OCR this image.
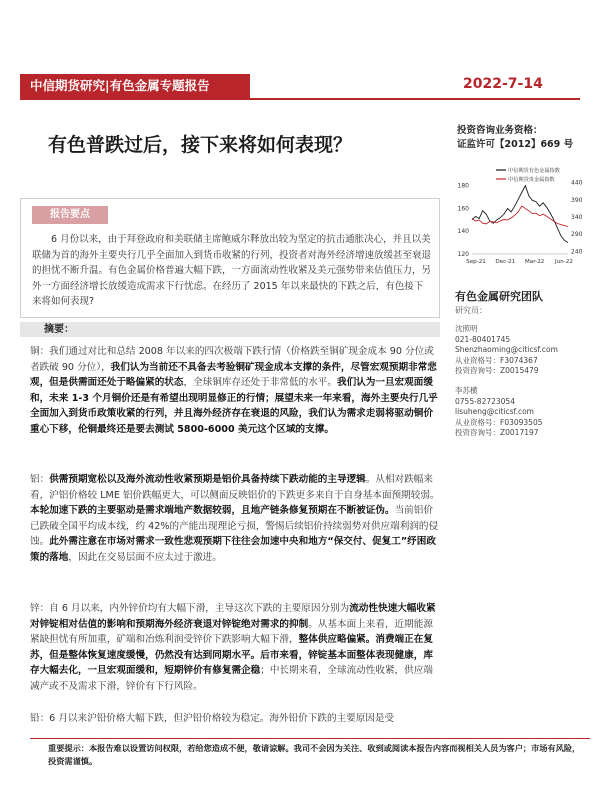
中信期货研究|有色金属专题报告	2022-7-14
有色普跌过后，接下来将如何表现？
投资咨询业务资格：
证监许可【2012】669 号
报告要点
6 月份以来，由于拜登政府和美联储主席鲍威尔释放出较为坚定的抗击通胀决心，并且以美联储为首的海外主要央行几乎全面加入到货币收紧的行列，投资者对海外经济增速放缓甚至衰退的担忧不断升温。有色金属价格普遍大幅下跌，一方面流动性收紧及美元强势带来估值压力，另外一方面经济增长放缓造成需求下行忧虑。在经历了 2015 年以来最快的下跌之后，有色接下来将如何表现?
摘要：
铜：我们通过对比和总结 2008 年以来的四次极端下跌行情（价格跌至铜矿现金成本 90 分位或者跌破 90 分位），我们认为当前还不具备去考验铜矿现金成本支撑的条件，尽管宏观预期非常悲观，但是供需面还处于略偏紧的状态，全球铜库存还处于非常低的水平。我们认为一旦宏观面缓和，未来 1-3 个月铜价还是有希望出现明显修正的行情；展望未来一年来看，海外主要央行几乎全面加入到货币政策收紧的行列，并且海外经济存在衰退的风险，我们认为需求走弱将驱动铜价重心下移，伦铜最终还是要去测试 5800-6000 美元这个区域的支撑。
铝：供需预期宽松以及海外流动性收紧预期是铝价具备持续下跌动能的主导逻辑。从相对跌幅来看，沪铝价格较 LME 铝价跌幅更大，可以侧面反映铝价的下跌更多来自于自身基本面预期较弱。本轮加速下跌的主要驱动是需求端地产数据较弱，且地产链条修复预期在不断被证伪。当前铝价已跌破全国平均成本线，约 42%的产能出现理论亏损，警惕后续铝价持续弱势对供应端利润的侵蚀。此外需注意在市场对需求一致性悲观预期下往往会加速中央和地方“保交付、促复工”纾困政策的落地，因此在交易层面不应太过于激进。
锌：自 6 月以来，内外锌价均有大幅下滑，主导这次下跌的主要原因分别为流动性快速大幅收紧对锌锭相对估值的影响和预期海外经济衰退对锌锭绝对需求的抑制。从基本面上来看，近期能源紧缺担忧有所加重，矿端和冶炼利润受锌价下跌影响大幅下滑，整体供应略偏紧。消费端正在复苏，但是整体恢复速度缓慢，仍然没有达到同期水平。后市来看，锌锭基本面整体表现健康，库存大幅去化，一旦宏观面缓和，短期锌价有修复需企稳；中长期来看，全球流动性收紧，供应端减产或不及需求下滑，锌价有下行风险。
铅：6 月以来沪铅价格大幅下跌，但沪铅价格较为稳定。海外铅价下跌的主要原因是受
中信期货有色金属指数
中信期货贵金属指数
120
140
160
180	440
390
340
290
240
Sep-21 Dec-21 Mar-22 Jun-22
有色金属研究团队
研究员：
沈照明
021-80401745
Shenzhaoming@citicsf.com
从业资格号：F3074367
投资咨询号：Z0015479
李苏横
0755-82723054
lisuheng@citicsf.com
从业资格号：F03093505
投资咨询号：Z0017197
重要提示：本报告难以设置访问权限，若给您造成不便，敬请谅解。我司不会因为关注、收到或阅读本报告内容而视相关人员为客户；市场有风险，投资需谨慎。
